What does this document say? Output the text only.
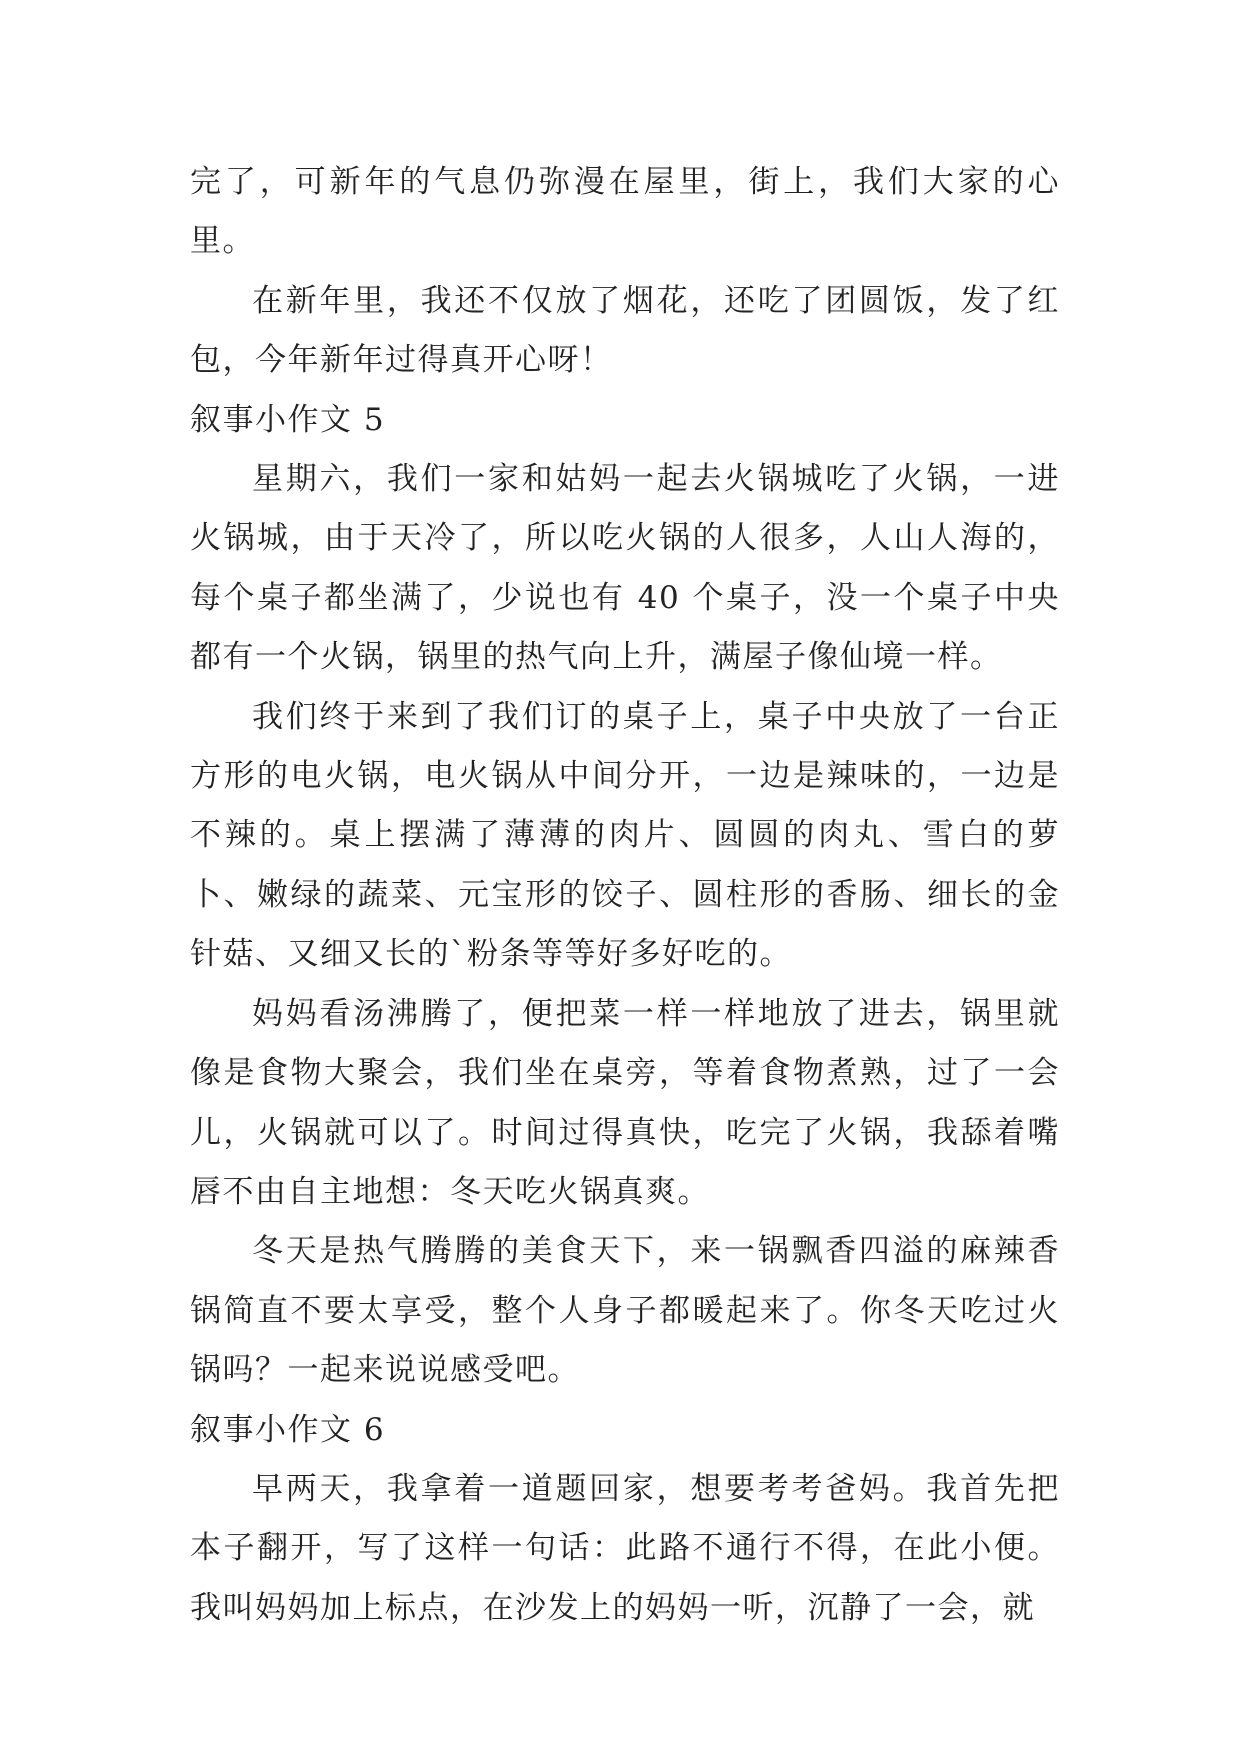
完了，可新年的气息仍弥漫在屋里，街上，我们大家的心里。

在新年里，我还不仅放了烟花，还吃了团圆饭，发了红包，今年新年过得真开心呀！

叙事小作文 5

星期六，我们一家和姑妈一起去火锅城吃了火锅，一进火锅城，由于天冷了，所以吃火锅的人很多，人山人海的，每个桌子都坐满了，少说也有 40 个桌子，没一个桌子中央都有一个火锅，锅里的热气向上升，满屋子像仙境一样。

我们终于来到了我们订的桌子上，桌子中央放了一台正方形的电火锅，电火锅从中间分开，一边是辣味的，一边是不辣的。桌上摆满了薄薄的肉片、圆圆的肉丸、雪白的萝卜、嫩绿的蔬菜、元宝形的饺子、圆柱形的香肠、细长的金针菇、又细又长的`粉条等等好多好吃的。

妈妈看汤沸腾了，便把菜一样一样地放了进去，锅里就像是食物大聚会，我们坐在桌旁，等着食物煮熟，过了一会儿，火锅就可以了。时间过得真快，吃完了火锅，我舔着嘴唇不由自主地想：冬天吃火锅真爽。

冬天是热气腾腾的美食天下，来一锅飘香四溢的麻辣香锅简直不要太享受，整个人身子都暖起来了。你冬天吃过火锅吗？一起来说说感受吧。

叙事小作文 6

早两天，我拿着一道题回家，想要考考爸妈。我首先把本子翻开，写了这样一句话：此路不通行不得，在此小便。我叫妈妈加上标点，在沙发上的妈妈一听，沉静了一会，就
